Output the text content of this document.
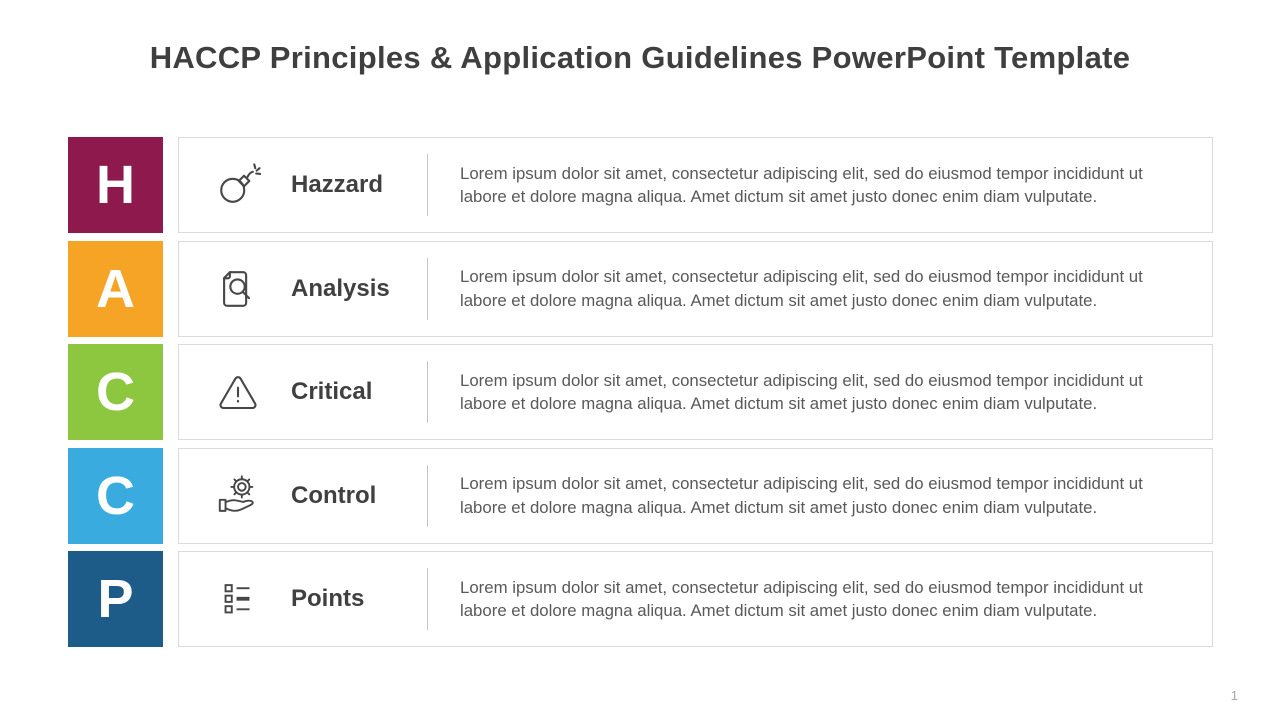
HACCP Principles & Application Guidelines PowerPoint Template
H	Hazzard	Lorem ipsum dolor sit amet, consectetur adipiscing elit, sed do eiusmod tempor incididunt ut labore et dolore magna aliqua. Amet dictum sit amet justo donec enim diam vulputate.
A	Analysis	Lorem ipsum dolor sit amet, consectetur adipiscing elit, sed do eiusmod tempor incididunt ut labore et dolore magna aliqua. Amet dictum sit amet justo donec enim diam vulputate.
C	Critical	Lorem ipsum dolor sit amet, consectetur adipiscing elit, sed do eiusmod tempor incididunt ut labore et dolore magna aliqua. Amet dictum sit amet justo donec enim diam vulputate.
C	Control	Lorem ipsum dolor sit amet, consectetur adipiscing elit, sed do eiusmod tempor incididunt ut labore et dolore magna aliqua. Amet dictum sit amet justo donec enim diam vulputate.
P	Points	Lorem ipsum dolor sit amet, consectetur adipiscing elit, sed do eiusmod tempor incididunt ut labore et dolore magna aliqua. Amet dictum sit amet justo donec enim diam vulputate.
1
